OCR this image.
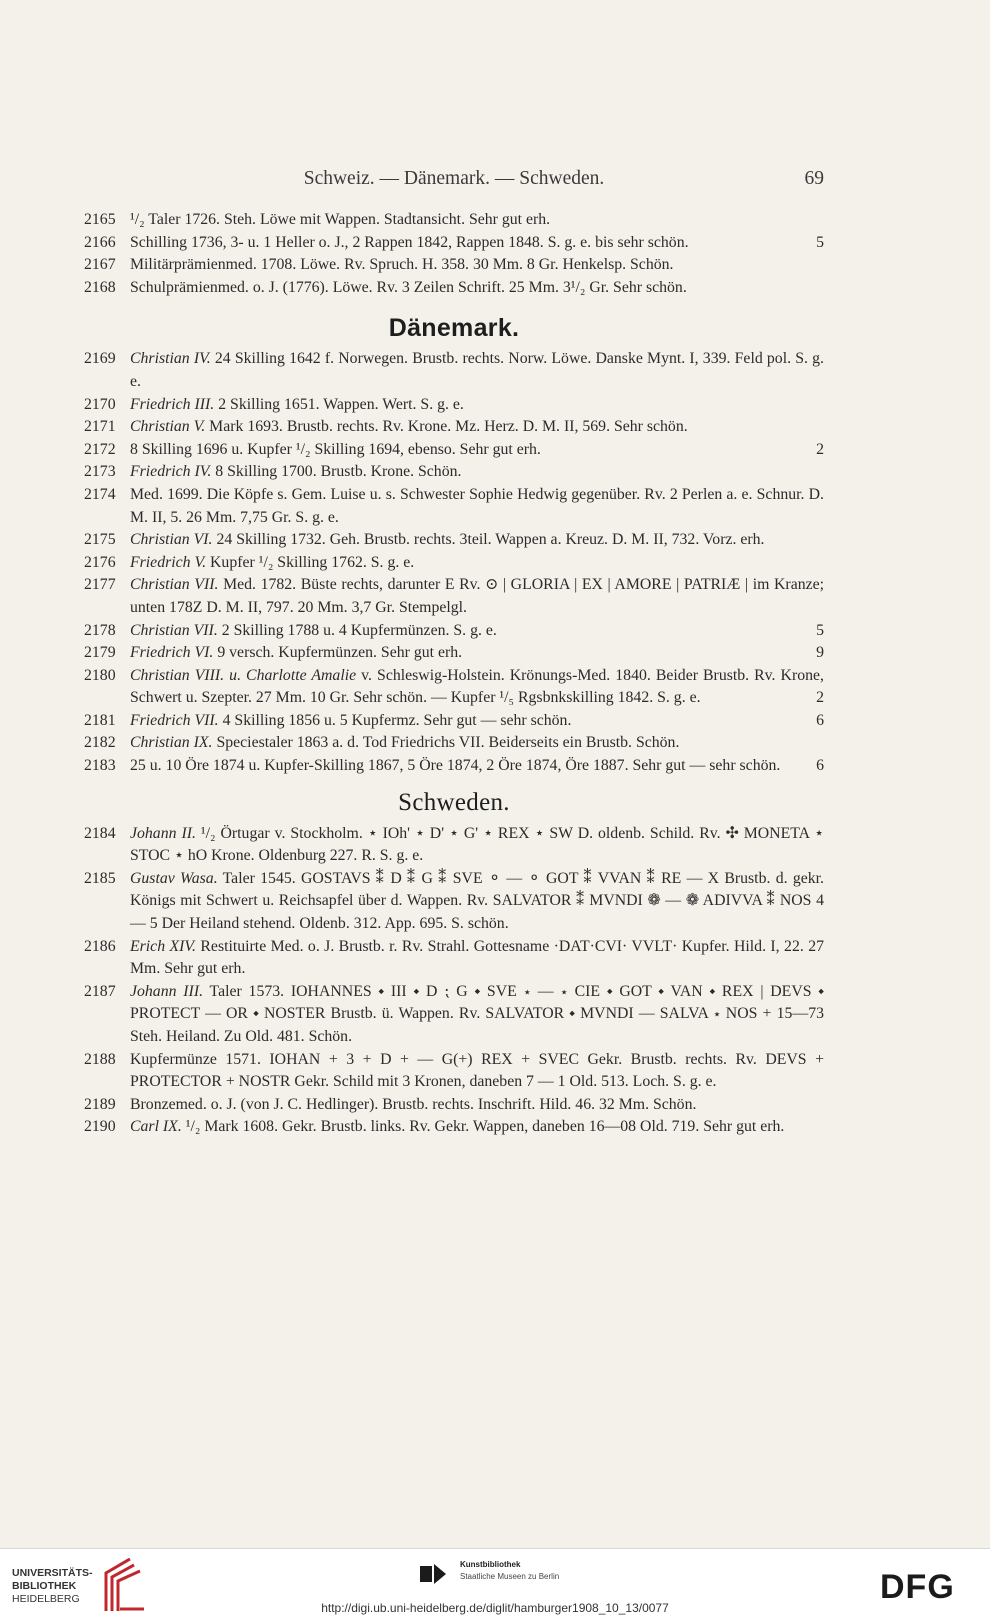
Schweiz. — Dänemark. — Schweden.	69
2165 ¹/₂ Taler 1726. Steh. Löwe mit Wappen. Stadtansicht. Sehr gut erh.
2166 Schilling 1736, 3- u. 1 Heller o. J., 2 Rappen 1842, Rappen 1848. S. g. e. bis sehr schön.	5
2167 Militärprämienmed. 1708. Löwe. Rv. Spruch. H. 358. 30 Mm. 8 Gr. Henkelsp. Schön.
2168 Schulprämienmed. o. J. (1776). Löwe. Rv. 3 Zeilen Schrift. 25 Mm. 3¹/₂ Gr. Sehr schön.
Dänemark.
2169 Christian IV. 24 Skilling 1642 f. Norwegen. Brustb. rechts. Norw. Löwe. Danske Mynt. I, 339. Feld pol. S. g. e.
2170 Friedrich III. 2 Skilling 1651. Wappen. Wert. S. g. e.
2171 Christian V. Mark 1693. Brustb. rechts. Rv. Krone. Mz. Herz. D. M. II, 569. Sehr schön.
2172 8 Skilling 1696 u. Kupfer ¹/₂ Skilling 1694, ebenso. Sehr gut erh.	2
2173 Friedrich IV. 8 Skilling 1700. Brustb. Krone. Schön.
2174 Med. 1699. Die Köpfe s. Gem. Luise u. s. Schwester Sophie Hedwig gegenüber. Rv. 2 Perlen a. e. Schnur. D. M. II, 5. 26 Mm. 7,75 Gr. S. g. e.
2175 Christian VI. 24 Skilling 1732. Geh. Brustb. rechts. 3teil. Wappen a. Kreuz. D. M. II, 732. Vorz. erh.
2176 Friedrich V. Kupfer ¹/₂ Skilling 1762. S. g. e.
2177 Christian VII. Med. 1782. Büste rechts, darunter E Rv. ⊙ | GLORIA | EX | AMORE | PATRIÆ | im Kranze; unten 178Z D. M. II, 797. 20 Mm. 3,7 Gr. Stempelgl.
2178 Christian VII. 2 Skilling 1788 u. 4 Kupfermünzen. S. g. e.	5
2179 Friedrich VI. 9 versch. Kupfermünzen. Sehr gut erh.	9
2180 Christian VIII. u. Charlotte Amalie v. Schleswig-Holstein. Krönungs-Med. 1840. Beider Brustb. Rv. Krone, Schwert u. Szepter. 27 Mm. 10 Gr. Sehr schön. — Kupfer ¹/₅ Rgsbnkskilling 1842. S. g. e.	2
2181 Friedrich VII. 4 Skilling 1856 u. 5 Kupfermz. Sehr gut — sehr schön.	6
2182 Christian IX. Speciestaler 1863 a. d. Tod Friedrichs VII. Beiderseits ein Brustb. Schön.
2183 25 u. 10 Öre 1874 u. Kupfer-Skilling 1867, 5 Öre 1874, 2 Öre 1874, Öre 1887. Sehr gut — sehr schön.	6
Schweden.
2184 Johann II. ¹/₂ Örtugar v. Stockholm. ⋆ IOh' ⋆ D' ⋆ G' ⋆ REX ⋆ SW D. oldenb. Schild. Rv. ✣ MONETA ⋆ STOC ⋆ hO Krone. Oldenburg 227. R. S. g. e.
2185 Gustav Wasa. Taler 1545. GOSTAVS ⁑ D ⁑ G ⁑ SVE ⚬ — ⚬ GOT ⁑ VVAN ⁑ RE — X Brustb. d. gekr. Königs mit Schwert u. Reichsapfel über d. Wappen. Rv. SALVATOR ⁑ MVNDI ❁ — ❁ ADIVVA ⁑ NOS 4 — 5 Der Heiland stehend. Oldenb. 312. App. 695. S. schön.
2186 Erich XIV. Restituirte Med. o. J. Brustb. r. Rv. Strahl. Gottesname ·DAT·CVI· VVLT· Kupfer. Hild. I, 22. 27 Mm. Sehr gut erh.
2187 Johann III. Taler 1573. IOHANNES ⬩ III ⬩ D ⁏ G ⬩ SVE ⋆ — ⋆ CIE ⬩ GOT ⬩ VAN ⬩ REX | DEVS ⬩ PROTECT — OR ⬩ NOSTER Brustb. ü. Wappen. Rv. SALVATOR ⬩ MVNDI — SALVA ⋆ NOS + 15—73 Steh. Heiland. Zu Old. 481. Schön.
2188 Kupfermünze 1571. IOHAN + 3 + D + — G(+) REX + SVEC Gekr. Brustb. rechts. Rv. DEVS + PROTECTOR + NOSTR Gekr. Schild mit 3 Kronen, daneben 7 — 1 Old. 513. Loch. S. g. e.
2189 Bronzemed. o. J. (von J. C. Hedlinger). Brustb. rechts. Inschrift. Hild. 46. 32 Mm. Schön.
2190 Carl IX. ¹/₂ Mark 1608. Gekr. Brustb. links. Rv. Gekr. Wappen, daneben 16—08 Old. 719. Sehr gut erh.
UNIVERSITÄTS-
BIBLIOTHEK
HEIDELBERG
Kunstbibliothek
Staatliche Museen zu Berlin
http://digi.ub.uni-heidelberg.de/diglit/hamburger1908_10_13/0077
DFG
